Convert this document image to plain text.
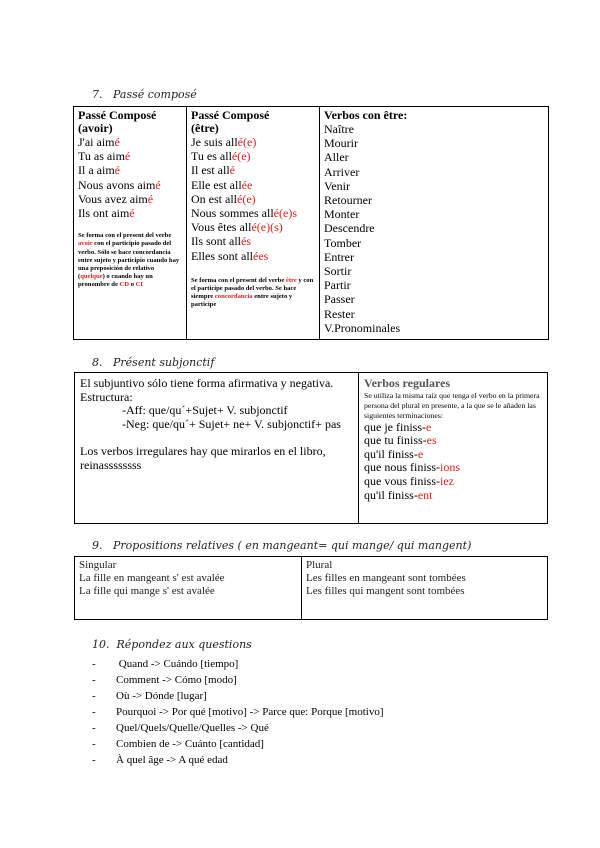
7. Passé composé
Passé Composé
(avoir)
J'ai aimé
Tu as aimé
Il a aimé
Nous avons aimé
Vous avez aimé
Ils ont aimé
Se forma con el present del verbe avoir con el participio pasado del verbo. Sólo se hace concordancia entre sujeto y participio cuando hay una preposición de relativo (quelque) o cuando hay un pronombre de CD o CI

Passé Composé
(être)
Je suis allé(e)
Tu es allé(e)
Il est allé
Elle est allée
On est allé(e)
Nous sommes allé(e)s
Vous êtes allé(e)(s)
Ils sont allés
Elles sont allées
Se forma con el present del verbe être y con el participe pasado del verbo. Se hace siempre concordancia entre sujeto y participe

Verbos con être:
Naître
Mourir
Aller
Arriver
Venir
Retourner
Monter
Descendre
Tomber
Entrer
Sortir
Partir
Passer
Rester
V.Pronominales
8. Présent subjonctif
El subjuntivo sólo tiene forma afirmativa y negativa.
Estructura:
-Aff: que/qu´+Sujet+ V. subjonctif
-Neg: que/qu´+ Sujet+ ne+ V. subjonctif+ pas
Los verbos irregulares hay que mirarlos en el libro, reinassssssss

Verbos regulares
Se utiliza la misma raíz que tenga el verbo en la primera persona del plural en presente, a la que se le añaden las siguientes terminaciones:
que je finiss-e
que tu finiss-es
qu'il finiss-e
que nous finiss-ions
que vous finiss-iez
qu'il finiss-ent
9. Propositions relatives ( en mangeant= qui mange/ qui mangent)
Singular
La fille en mangeant s' est avalée
La fille qui mange s' est avalée

Plural
Les filles en mangeant sont tombées
Les filles qui mangent sont tombées
10. Répondez aux questions
-  Quand -> Cuándo [tiempo]
- Comment -> Cómo [modo]
- Où -> Dónde [lugar]
- Pourquoi -> Por qué [motivo] -> Parce que: Porque [motivo]
- Quel/Quels/Quelle/Quelles -> Qué
- Combien de -> Cuánto [cantidad]
- À quel âge -> A qué edad
